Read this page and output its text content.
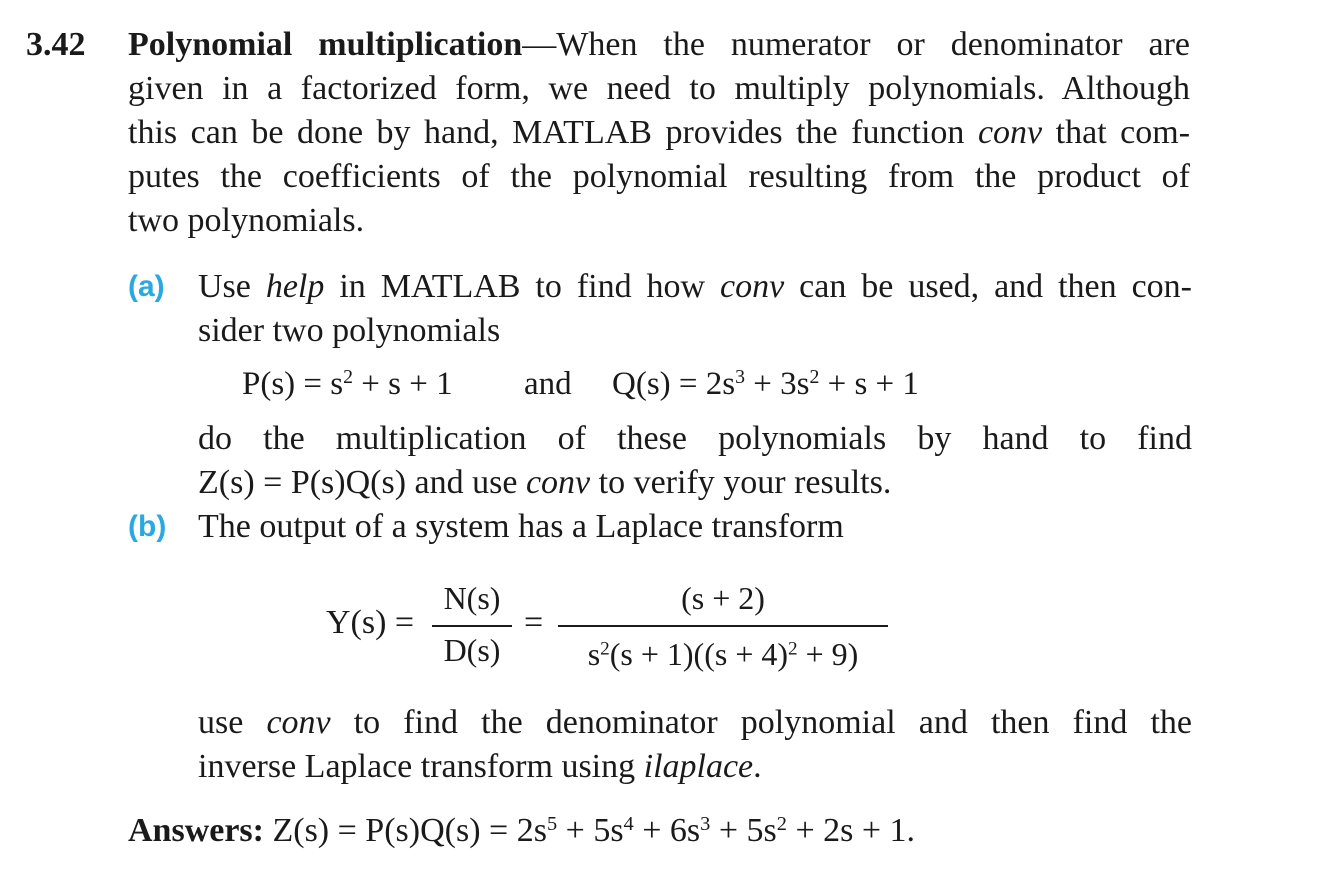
3.42 Polynomial multiplication—When the numerator or denominator are
given in a factorized form, we need to multiply polynomials. Although
this can be done by hand, MATLAB provides the function conv that com-
putes the coefficients of the polynomial resulting from the product of
two polynomials.
(a) Use help in MATLAB to find how conv can be used, and then con-
sider two polynomials
$P(s) = s^2 + s + 1$ and $Q(s) = 2s^3 + 3s^2 + s + 1$
do the multiplication of these polynomials by hand to find
Z(s) = P(s)Q(s) and use conv to verify your results.
(b) The output of a system has a Laplace transform
Y(s) =
N(s)
D(s)
=
(s + 2)
$s^2(s + 1)((s + 4)^2 + 9)$
use conv to find the denominator polynomial and then find the
inverse Laplace transform using ilaplace.
Answers: $Z(s) = P(s)Q(s) = 2s^5 + 5s^4 + 6s^3 + 5s^2 + 2s + 1$.
